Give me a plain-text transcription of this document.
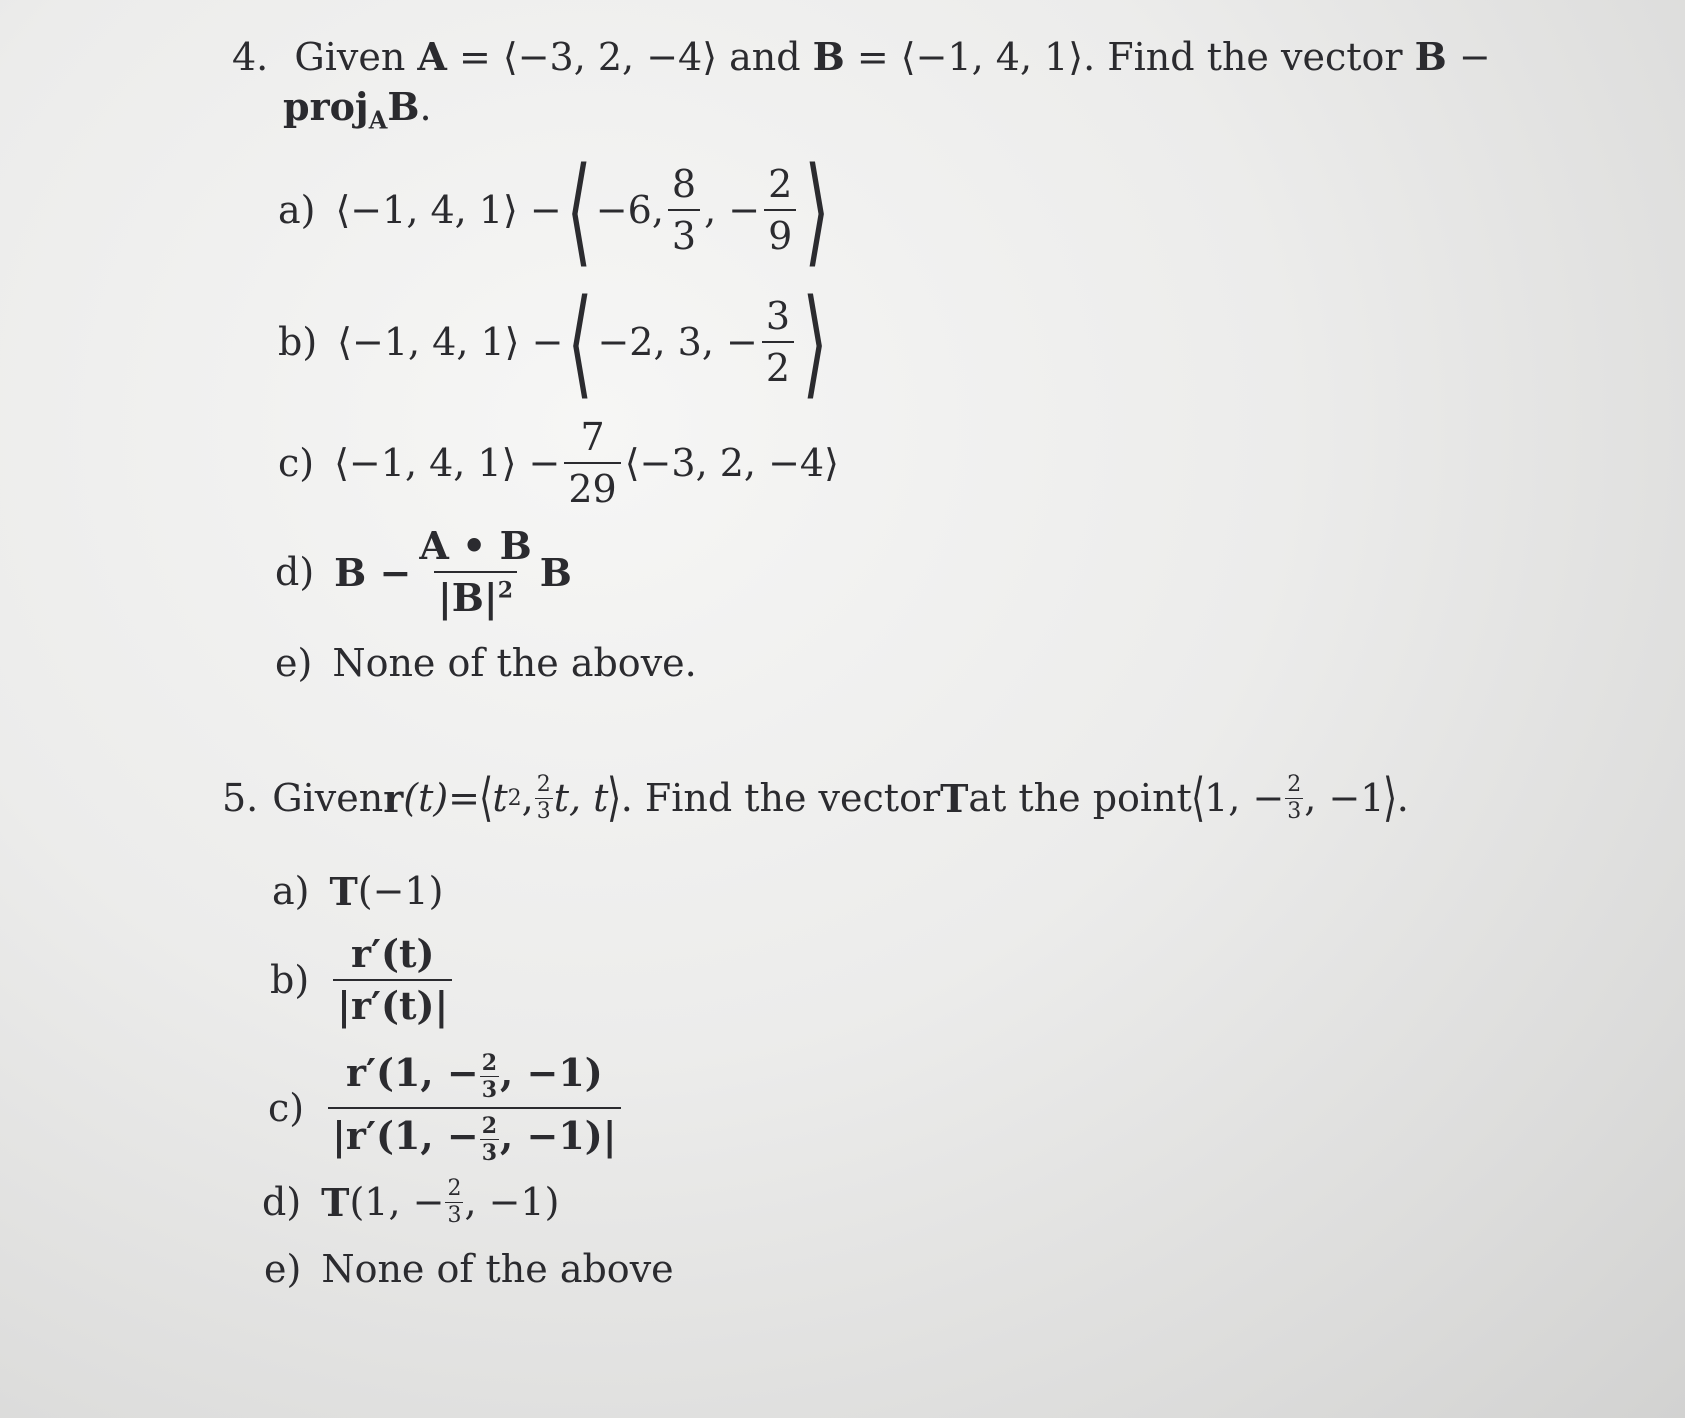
4. Given A = ⟨−3, 2, −4⟩ and B = ⟨−1, 4, 1⟩. Find the vector B −
proj$_A$B.
a) ⟨−1, 4, 1⟩ − ⟨ −6, $\frac{8}{3}$ , − $\frac{2}{9}$ ⟩
b) ⟨−1, 4, 1⟩ − ⟨ −2, 3, − $\frac{3}{2}$ ⟩
c) ⟨−1, 4, 1⟩ − $\frac{7}{29}$ ⟨−3, 2, −4⟩
d) $B - \frac{A • B}{|B|^2}$ B
e) None of the above.
5. Given r (t) = ⟨ t 2 , $\frac{2}{3} t$, t ⟩ . Find the vector T at the point ⟨ 1, − $\frac{2}{3}$ , −1 ⟩ .
a) T (−1)
$b) \frac{r'(t)}{|r'(t)|}$
$c) \frac{r'(1, - \frac{2}{3} , -1)}{|r'(1, - \frac{2}{3} , -1)|}$
d) T (1, − $\frac{2}{3}$ , −1)
e) None of the above
